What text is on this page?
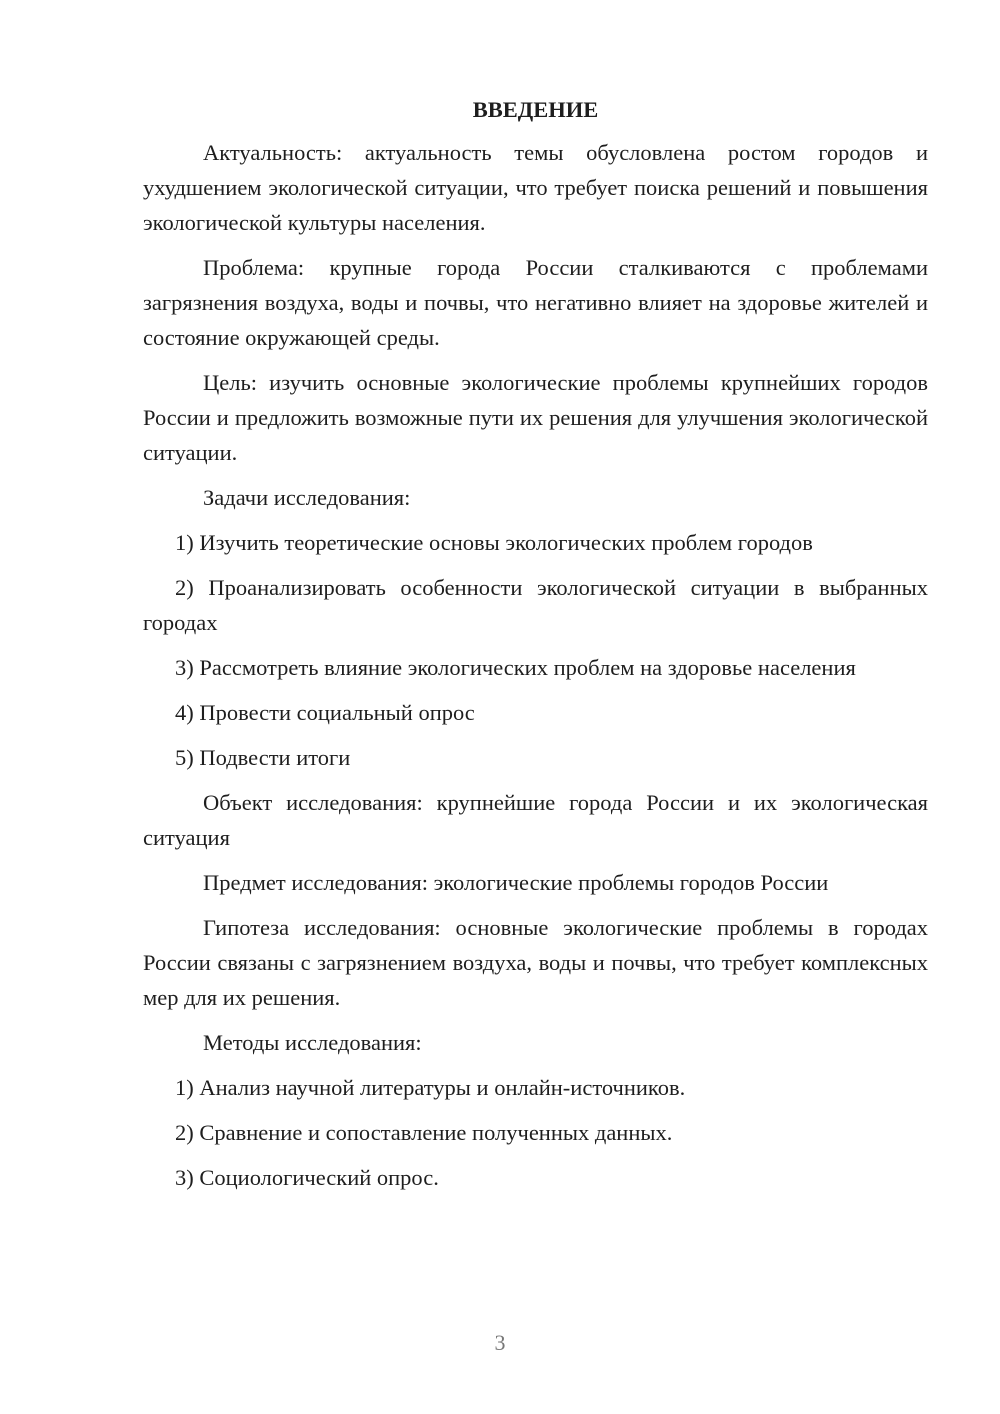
ВВЕДЕНИЕ
Актуальность: актуальность темы обусловлена ростом городов и ухудшением экологической ситуации, что требует поиска решений и повышения экологической культуры населения.
Проблема: крупные города России сталкиваются с проблемами загрязнения воздуха, воды и почвы, что негативно влияет на здоровье жителей и состояние окружающей среды.
Цель: изучить основные экологические проблемы крупнейших городов России и предложить возможные пути их решения для улучшения экологической ситуации.
Задачи исследования:
1) Изучить теоретические основы экологических проблем городов
2) Проанализировать особенности экологической ситуации в выбранных городах
3) Рассмотреть влияние экологических проблем на здоровье населения
4) Провести социальный опрос
5) Подвести итоги
Объект исследования: крупнейшие города России и их экологическая ситуация
Предмет исследования: экологические проблемы городов России
Гипотеза исследования: основные экологические проблемы в городах России связаны с загрязнением воздуха, воды и почвы, что требует комплексных мер для их решения.
Методы исследования:
1) Анализ научной литературы и онлайн-источников.
2) Сравнение и сопоставление полученных данных.
3) Социологический опрос.
3
